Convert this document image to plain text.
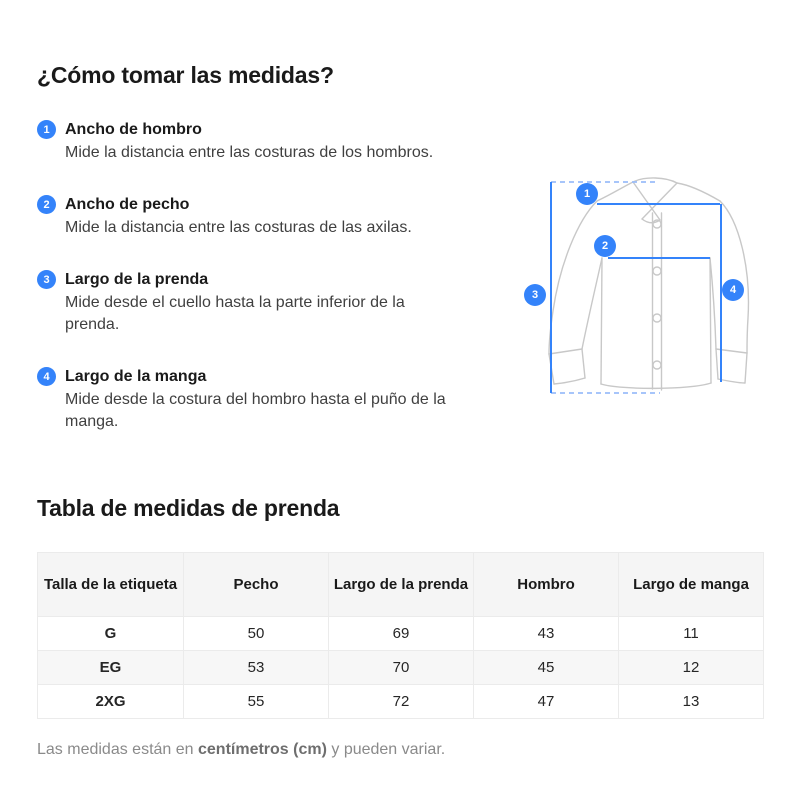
¿Cómo tomar las medidas?
1 Ancho de hombro
Mide la distancia entre las costuras de los hombros.
2 Ancho de pecho
Mide la distancia entre las costuras de las axilas.
3 Largo de la prenda
Mide desde el cuello hasta la parte inferior de la prenda.
4 Largo de la manga
Mide desde la costura del hombro hasta el puño de la manga.
Tabla de medidas de prenda
Talla de la etiqueta	Pecho	Largo de la prenda	Hombro	Largo de manga
G	50	69	43	11
EG	53	70	45	12
2XG	55	72	47	13

Las medidas están en centímetros (cm) y pueden variar.

1
2
3	4
